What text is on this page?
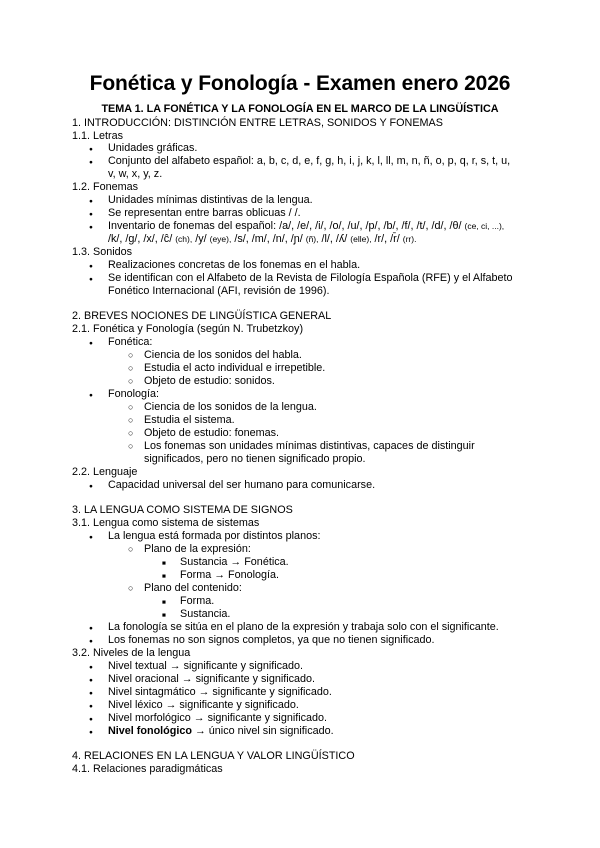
Fonética y Fonología - Examen enero 2026
TEMA 1. LA FONÉTICA Y LA FONOLOGÍA EN EL MARCO DE LA LINGÜÍSTICA
1. INTRODUCCIÓN: DISTINCIÓN ENTRE LETRAS, SONIDOS Y FONEMAS
1.1. Letras
● Unidades gráficas.
● Conjunto del alfabeto español: a, b, c, d, e, f, g, h, i, j, k, l, ll, m, n, ñ, o, p, q, r, s, t, u,
v, w, x, y, z.
1.2. Fonemas
● Unidades mínimas distintivas de la lengua.
● Se representan entre barras oblicuas / /.
● Inventario de fonemas del español: /a/, /e/, /i/, /o/, /u/, /p/, /b/, /f/, /t/, /d/, /θ/ (ce, ci, ...),
/k/, /g/, /x/, /ĉ/ (ch), /y/ (eye), /s/, /m/, /n/, /ɲ/ (ñ), /l/, /ʎ/ (elle), /r/, /r̄/ (rr).
1.3. Sonidos
● Realizaciones concretas de los fonemas en el habla.
● Se identifican con el Alfabeto de la Revista de Filología Española (RFE) y el Alfabeto
Fonético Internacional (AFI, revisión de 1996).
2. BREVES NOCIONES DE LINGÜÍSTICA GENERAL
2.1. Fonética y Fonología (según N. Trubetzkoy)
● Fonética:
○ Ciencia de los sonidos del habla.
○ Estudia el acto individual e irrepetible.
○ Objeto de estudio: sonidos.
● Fonología:
○ Ciencia de los sonidos de la lengua.
○ Estudia el sistema.
○ Objeto de estudio: fonemas.
○ Los fonemas son unidades mínimas distintivas, capaces de distinguir
significados, pero no tienen significado propio.
2.2. Lenguaje
● Capacidad universal del ser humano para comunicarse.
3. LA LENGUA COMO SISTEMA DE SIGNOS
3.1. Lengua como sistema de sistemas
● La lengua está formada por distintos planos:
○ Plano de la expresión:
■ Sustancia → Fonética.
■ Forma → Fonología.
○ Plano del contenido:
■ Forma.
■ Sustancia.
● La fonología se sitúa en el plano de la expresión y trabaja solo con el significante.
● Los fonemas no son signos completos, ya que no tienen significado.
3.2. Niveles de la lengua
● Nivel textual → significante y significado.
● Nivel oracional → significante y significado.
● Nivel sintagmático → significante y significado.
● Nivel léxico → significante y significado.
● Nivel morfológico → significante y significado.
● Nivel fonológico → único nivel sin significado.
4. RELACIONES EN LA LENGUA Y VALOR LINGÜÍSTICO
4.1. Relaciones paradigmáticas
